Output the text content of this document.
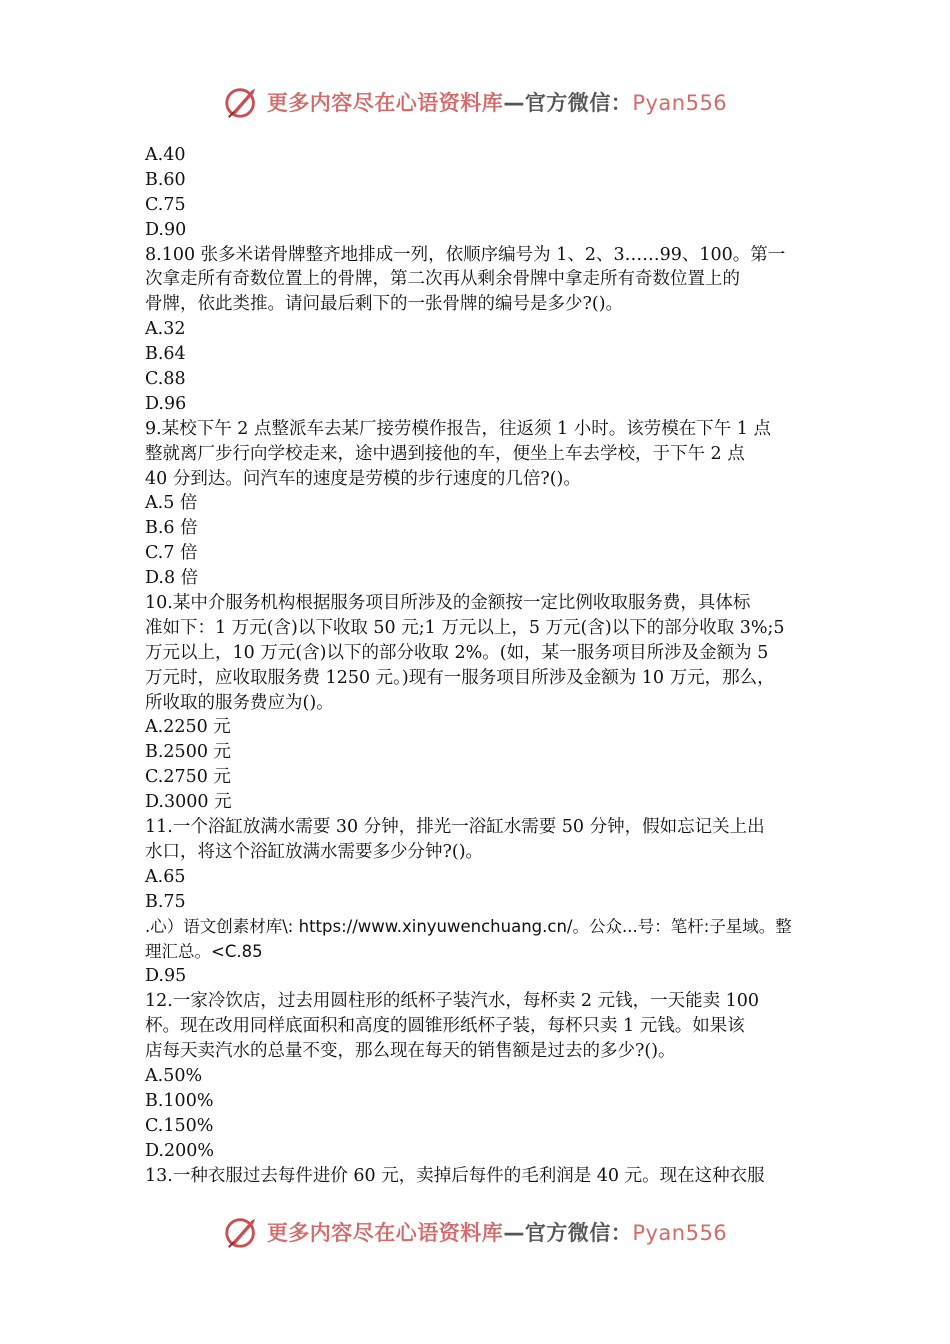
更多内容尽在心语资料库—官方微信：Pyan556
A.40
B.60
C.75
D.90
8.100 张多米诺骨牌整齐地排成一列，依顺序编号为 1、2、3……99、100。第一
次拿走所有奇数位置上的骨牌，第二次再从剩余骨牌中拿走所有奇数位置上的
骨牌，依此类推。请问最后剩下的一张骨牌的编号是多少?()。
A.32
B.64
C.88
D.96
9.某校下午 2 点整派车去某厂接劳模作报告，往返须 1 小时。该劳模在下午 1 点
整就离厂步行向学校走来，途中遇到接他的车，便坐上车去学校，于下午 2 点
40 分到达。问汽车的速度是劳模的步行速度的几倍?()。
A.5 倍
B.6 倍
C.7 倍
D.8 倍
10.某中介服务机构根据服务项目所涉及的金额按一定比例收取服务费，具体标
准如下：1 万元(含)以下收取 50 元;1 万元以上，5 万元(含)以下的部分收取 3%;5
万元以上，10 万元(含)以下的部分收取 2%。(如，某一服务项目所涉及金额为 5
万元时，应收取服务费 1250 元。)现有一服务项目所涉及金额为 10 万元，那么，
所收取的服务费应为()。
A.2250 元
B.2500 元
C.2750 元
D.3000 元
11.一个浴缸放满水需要 30 分钟，排光一浴缸水需要 50 分钟，假如忘记关上出
水口，将这个浴缸放满水需要多少分钟?()。
A.65
B.75
.心）语文创素材库\: https://www.xinyuwenchuang.cn/。公众...号：笔杆:子星域。整
理汇总。<C.85
D.95
12.一家冷饮店，过去用圆柱形的纸杯子装汽水，每杯卖 2 元钱，一天能卖 100
杯。现在改用同样底面积和高度的圆锥形纸杯子装，每杯只卖 1 元钱。如果该
店每天卖汽水的总量不变，那么现在每天的销售额是过去的多少?()。
A.50%
B.100%
C.150%
D.200%
13.一种衣服过去每件进价 60 元，卖掉后每件的毛利润是 40 元。现在这种衣服
更多内容尽在心语资料库—官方微信：Pyan556
